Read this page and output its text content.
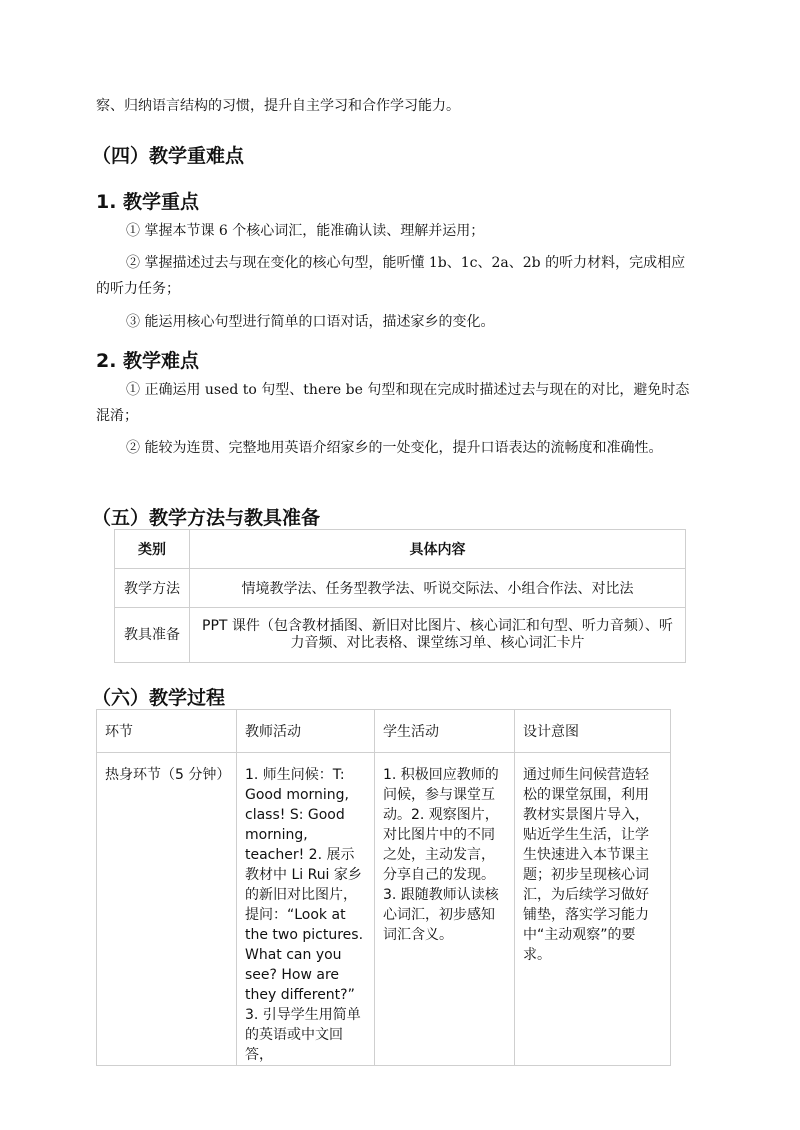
察、归纳语言结构的习惯，提升自主学习和合作学习能力。
（四）教学重难点
1. 教学重点

① 掌握本节课 6 个核心词汇，能准确认读、理解并运用；

② 掌握描述过去与现在变化的核心句型，能听懂 1b、1c、2a、2b 的听力材料，完成相应的听力任务；

③ 能运用核心句型进行简单的口语对话，描述家乡的变化。

2. 教学难点

① 正确运用 used to 句型、there be 句型和现在完成时描述过去与现在的对比，避免时态混淆；

② 能较为连贯、完整地用英语介绍家乡的一处变化，提升口语表达的流畅度和准确性。

（五）教学方法与教具准备
类别	具体内容
教学方法	情境教学法、任务型教学法、听说交际法、小组合作法、对比法
教具准备	PPT 课件（包含教材插图、新旧对比图片、核心词汇和句型、听力音频）、听力音频、对比表格、课堂练习单、核心词汇卡片
（六）教学过程
环节	教师活动	学生活动	设计意图

热身环节（5 分钟）	1. 师生问候：T: Good morning, class! S: Good morning, teacher! 2. 展示教材中 Li Rui 家乡的新旧对比图片，提问：“Look at the two pictures. What can you see? How are they different?” 3. 引导学生用简单的英语或中文回答，	1. 积极回应教师的问候，参与课堂互动。2. 观察图片，对比图片中的不同之处，主动发言，分享自己的发现。3. 跟随教师认读核心词汇，初步感知词汇含义。	通过师生问候营造轻松的课堂氛围，利用教材实景图片导入，贴近学生生活，让学生快速进入本节课主题；初步呈现核心词汇，为后续学习做好铺垫，落实学习能力中“主动观察”的要求。
